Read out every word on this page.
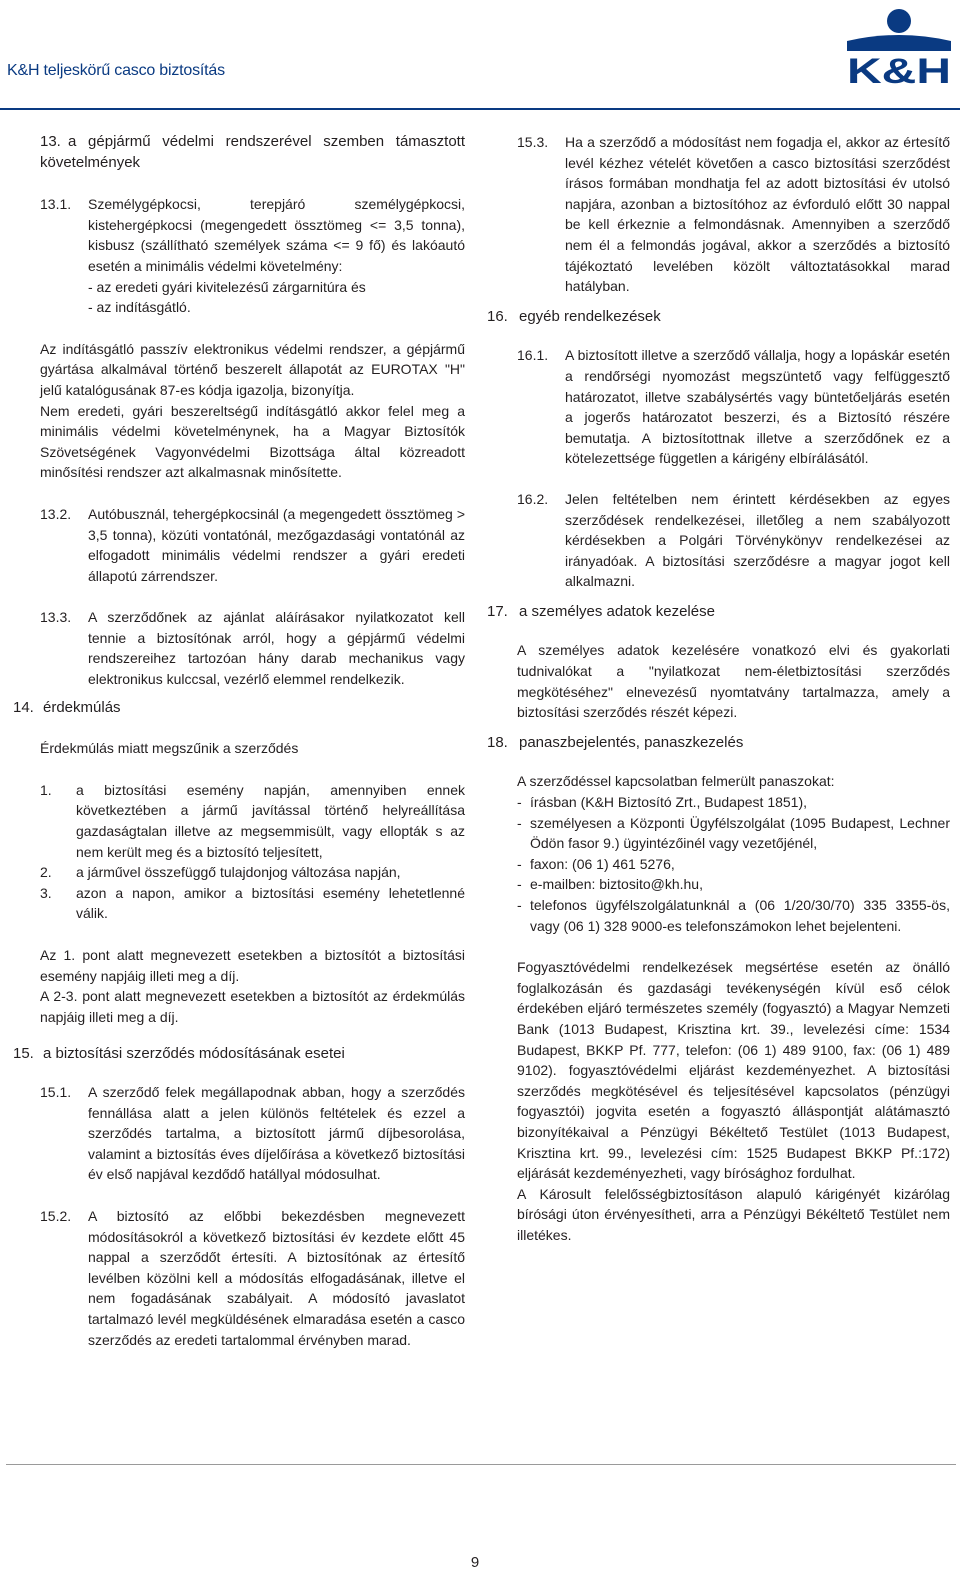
K&H teljeskörű casco biztosítás	K&H
13. a gépjármű védelmi rendszerével szemben támasztott
követelmények
13.1.	Személygépkocsi, terepjáró személygépkocsi, kistehergépkocsi (megengedett össztömeg <= 3,5 tonna), kisbusz (szállítható személyek száma <= 9 fő) és lakóautó esetén a minimális védelmi követelmény:
- az eredeti gyári kivitelezésű zárgarnitúra és
- az indításgátló.

Az indításgátló passzív elektronikus védelmi rendszer, a gépjármű gyártása alkalmával történő beszerelt állapotát az EUROTAX "H" jelű katalógusának 87-es kódja igazolja, bizonyítja.

Nem eredeti, gyári beszereltségű indításgátló akkor felel meg a minimális védelmi követelménynek, ha a Magyar Biztosítók Szövetségének Vagyonvédelmi Bizottsága által közreadott minősítési rendszer azt alkalmasnak minősítette.

13.2.	Autóbusznál, tehergépkocsinál (a megengedett össztömeg > 3,5 tonna), közúti vontatónál, mezőgazdasági vontatónál az elfogadott minimális védelmi rendszer a gyári eredeti állapotú zárrendszer.
13.3.	A szerződőnek az ajánlat aláírásakor nyilatkozatot kell tennie a biztosítónak arról, hogy a gépjármű védelmi rendszereihez tartozóan hány darab mechanikus vagy elektronikus kulccsal, vezérlő elemmel rendelkezik.
14. érdekmúlás

Érdekmúlás miatt megszűnik a szerződés

1.	a biztosítási esemény napján, amennyiben ennek következtében a jármű javítással történő helyreállítása gazdaságtalan illetve az megsemmisült, vagy ellopták s az nem került meg és a biztosító teljesített,
2.	a járművel összefüggő tulajdonjog változása napján,
3.	azon a napon, amikor a biztosítási esemény lehetetlenné válik.

Az 1. pont alatt megnevezett esetekben a biztosítót a biztosítási esemény napjáig illeti meg a díj.

A 2-3. pont alatt megnevezett esetekben a biztosítót az érdekmúlás napjáig illeti meg a díj.

15. a biztosítási szerződés módosításának esetei
15.1.	A szerződő felek megállapodnak abban, hogy a szerződés fennállása alatt a jelen különös feltételek és ezzel a szerződés tartalma, a biztosított jármű díjbesorolása, valamint a biztosítás éves díjelőírása a következő biztosítási év első napjával kezdődő hatállyal módosulhat.
15.2.	A biztosító az előbbi bekezdésben megnevezett módosításokról a következő biztosítási év kezdete előtt 45 nappal a szerződőt értesíti. A biztosítónak az értesítő levélben közölni kell a módosítás elfogadásának, illetve el nem fogadásának szabályait. A módosító javaslatot tartalmazó levél megküldésének elmaradása esetén a casco szerződés az eredeti tartalommal érvényben marad.
15.3.	Ha a szerződő a módosítást nem fogadja el, akkor az értesítő levél kézhez vételét követően a casco biztosítási szerződést írásos formában mondhatja fel az adott biztosítási év utolsó napjára, azonban a biztosítóhoz az évforduló előtt 30 nappal be kell érkeznie a felmondásnak. Amennyiben a szerződő nem él a felmondás jogával, akkor a szerződés a biztosító tájékoztató levelében közölt változtatásokkal marad hatályban.
16. egyéb rendelkezések
16.1.	A biztosított illetve a szerződő vállalja, hogy a lopáskár esetén a rendőrségi nyomozást megszüntető vagy felfüggesztő határozatot, illetve szabálysértés vagy büntetőeljárás esetén a jogerős határozatot beszerzi, és a Biztosító részére bemutatja. A biztosítottnak illetve a szerződőnek ez a kötelezettsége független a kárigény elbírálásától.
16.2.	Jelen feltételben nem érintett kérdésekben az egyes szerződések rendelkezései, illetőleg a nem szabályozott kérdésekben a Polgári Törvénykönyv rendelkezései az irányadóak. A biztosítási szerződésre a magyar jogot kell alkalmazni.
17. a személyes adatok kezelése

A személyes adatok kezelésére vonatkozó elvi és gyakorlati tudnivalókat a "nyilatkozat nem-életbiztosítási szerződés megkötéséhez" elnevezésű nyomtatvány tartalmazza, amely a biztosítási szerződés részét képezi.

18. panaszbejelentés, panaszkezelés

A szerződéssel kapcsolatban felmerült panaszokat:

- írásban (K&H Biztosító Zrt., Budapest 1851),
- személyesen a Központi Ügyfélszolgálat (1095 Budapest, Lechner Ödön fasor 9.) ügyintézőinél vagy vezetőjénél,
- faxon: (06 1) 461 5276,
- e-mailben: biztosito@kh.hu,
- telefonos ügyfélszolgálatunknál a (06 1/20/30/70) 335 3355-ös, vagy (06 1) 328 9000-es telefonszámokon lehet bejelenteni.

Fogyasztóvédelmi rendelkezések megsértése esetén az önálló foglalkozásán és gazdasági tevékenységén kívül eső célok érdekében eljáró természetes személy (fogyasztó) a Magyar Nemzeti Bank (1013 Budapest, Krisztina krt. 39., levelezési címe: 1534 Budapest, BKKP Pf. 777, telefon: (06 1) 489 9100, fax: (06 1) 489 9102). fogyasztóvédelmi eljárást kezdeményezhet. A biztosítási szerződés megkötésével és teljesítésével kapcsolatos (pénzügyi fogyasztói) jogvita esetén a fogyasztó álláspontját alátámasztó bizonyítékaival a Pénzügyi Békéltető Testület (1013 Budapest, Krisztina krt. 99., levelezési cím: 1525 Budapest BKKP Pf.:172) eljárását kezdeményezheti, vagy bírósághoz fordulhat.

A Károsult felelősségbiztosításon alapuló kárigényét kizárólag bírósági úton érvényesítheti, arra a Pénzügyi Békéltető Testület nem illetékes.

9
